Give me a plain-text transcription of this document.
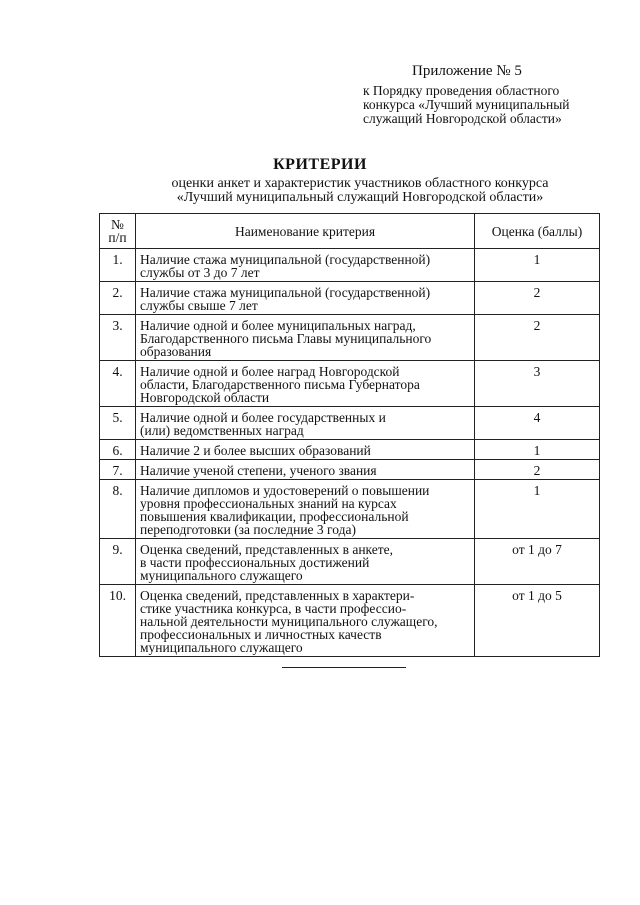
Приложение № 5
к Порядку проведения областного
конкурса «Лучший муниципальный
служащий Новгородской области»
КРИТЕРИИ
оценки анкет и характеристик участников областного конкурса
«Лучший муниципальный служащий Новгородской области»
№
п/п	Наименование критерия	Оценка (баллы)
1.	Наличие стажа муниципальной (государственной)
службы от 3 до 7 лет	1
2.	Наличие стажа муниципальной (государственной)
службы свыше 7 лет	2
3.	Наличие одной и более муниципальных наград,
Благодарственного письма Главы муниципального
образования	2
4.	Наличие одной и более наград Новгородской
области, Благодарственного письма Губернатора
Новгородской области	3
5.	Наличие одной и более государственных и
(или) ведомственных наград	4
6.	Наличие 2 и более высших образований	1
7.	Наличие ученой степени, ученого звания	2
8.	Наличие дипломов и удостоверений о повышении
уровня профессиональных знаний на курсах
повышения квалификации, профессиональной
переподготовки (за последние 3 года)	1
9.	Оценка сведений, представленных в анкете,
в части профессиональных достижений
муниципального служащего	от 1 до 7
10.	Оценка сведений, представленных в характери-
стике участника конкурса, в части профессио-
нальной деятельности муниципального служащего,
профессиональных и личностных качеств
муниципального служащего	от 1 до 5
